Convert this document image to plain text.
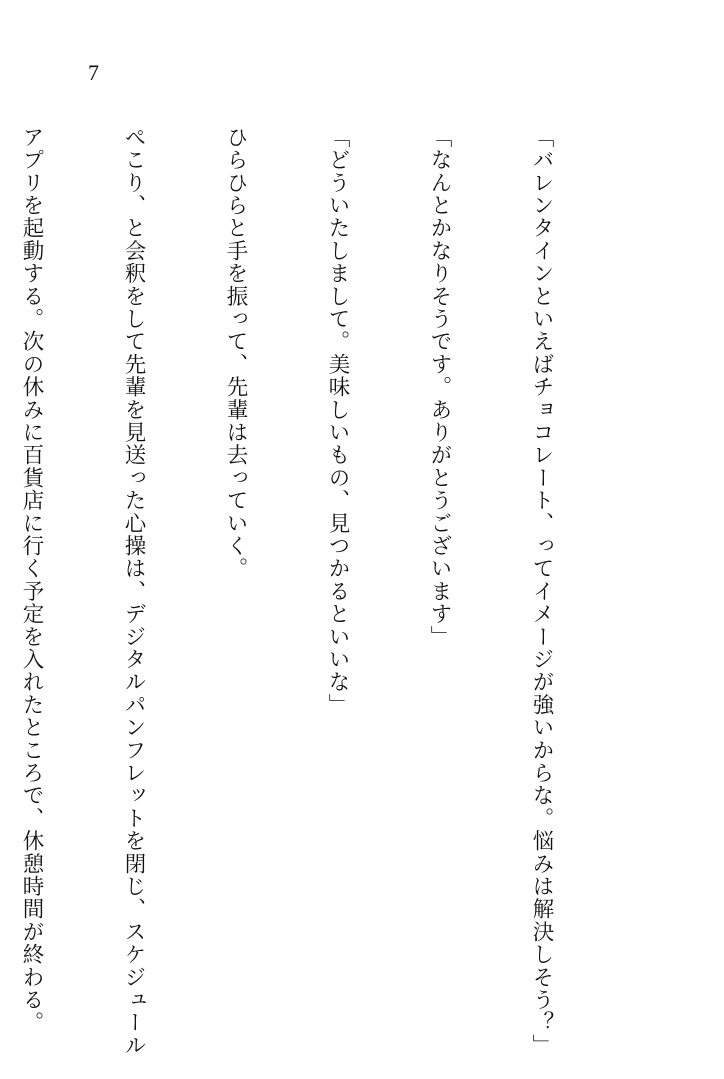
7

「バレンタインといえばチョコレート、ってイメージが強いからな。悩みは解決しそう？」

「なんとかなりそうです。ありがとうございます」

「どういたしまして。美味しいもの、見つかるといいな」

ひらひらと手を振って、先輩は去っていく。

ぺこり、と会釈をして先輩を見送った心操は、デジタルパンフレットを閉じ、スケジュール

アプリを起動する。次の休みに百貨店に行く予定を入れたところで、休憩時間が終わる。
